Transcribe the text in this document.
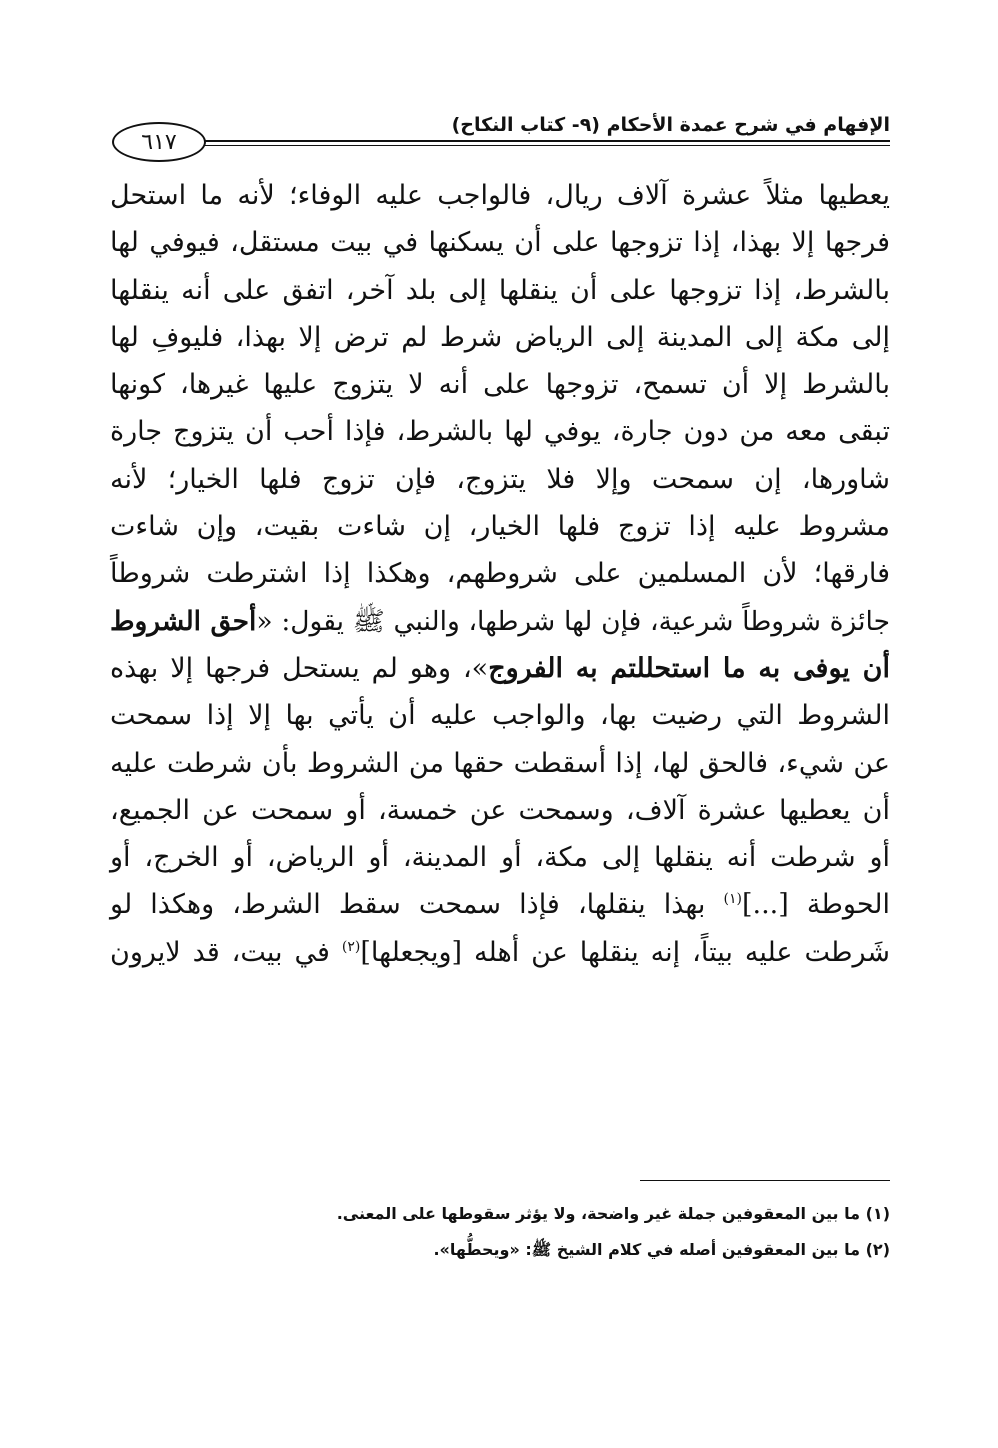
٦١٧
الإفهام في شرح عمدة الأحكام (٩- كتاب النكاح)
يعطيها مثلاً عشرة آلاف ريال، فالواجب عليه الوفاء؛ لأنه ما استحل
فرجها إلا بهذا، إذا تزوجها على أن يسكنها في بيت مستقل، فيوفي لها
بالشرط، إذا تزوجها على أن ينقلها إلى بلد آخر، اتفق على أنه ينقلها
إلى مكة إلى المدينة إلى الرياض شرط لم ترض إلا بهذا، فليوفِ لها
بالشرط إلا أن تسمح، تزوجها على أنه لا يتزوج عليها غيرها، كونها
تبقى معه من دون جارة، يوفي لها بالشرط، فإذا أحب أن يتزوج جارة
شاورها، إن سمحت وإلا فلا يتزوج، فإن تزوج فلها الخيار؛ لأنه
مشروط عليه إذا تزوج فلها الخيار، إن شاءت بقيت، وإن شاءت
فارقها؛ لأن المسلمين على شروطهم، وهكذا إذا اشترطت شروطاً
جائزة شروطاً شرعية، فإن لها شرطها، والنبي ﷺ يقول: «أحق الشروط
أن يوفى به ما استحللتم به الفروج»، وهو لم يستحل فرجها إلا بهذه
الشروط التي رضيت بها، والواجب عليه أن يأتي بها إلا إذا سمحت
عن شيء، فالحق لها، إذا أسقطت حقها من الشروط بأن شرطت عليه
أن يعطيها عشرة آلاف، وسمحت عن خمسة، أو سمحت عن الجميع،
أو شرطت أنه ينقلها إلى مكة، أو المدينة، أو الرياض، أو الخرج، أو
الحوطة [...]$^{(١)}$ بهذا ينقلها، فإذا سمحت سقط الشرط، وهكذا لو
شَرطت عليه بيتاً، إنه ينقلها عن أهله [ويجعلها]$^{(٢)}$ في بيت، قد لايرون
(١) ما بين المعقوفين جملة غير واضحة، ولا يؤثر سقوطها على المعنى.
(٢) ما بين المعقوفين أصله في كلام الشيخ ﷺ: «ويحطُّها».
